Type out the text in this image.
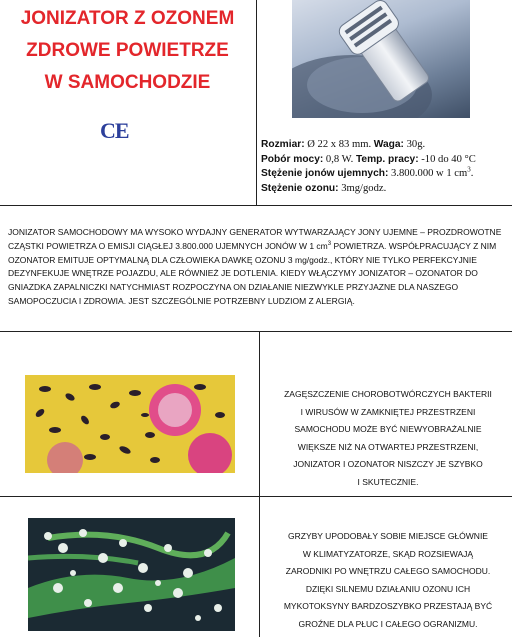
JONIZATOR Z OZONEM
ZDROWE POWIETRZE
W SAMOCHODZIE
CE
Rozmiar: Ø 22 x 83 mm. Waga: 30g.
Pobór mocy: 0,8 W. Temp. pracy: -10 do 40 °C
Stężenie jonów ujemnych: 3.800.000 w 1 $cm^3$.
Stężenie ozonu: 3mg/godz.
JONIZATOR SAMOCHODOWY MA WYSOKO WYDAJNY GENERATOR WYTWARZAJĄCY JONY UJEMNE – PROZDROWOTNE CZĄSTKI POWIETRZA O EMISJI CIĄGŁEJ 3.800.000 UJEMNYCH JONÓW W 1 $cm^3$ POWIETRZA. WSPÓŁPRACUJĄCY Z NIM OZONATOR EMITUJE OPTYMALNĄ DLA CZŁOWIEKA DAWKĘ OZONU 3 mg/godz., KTÓRY NIE TYLKO PERFEKCYJNIE DEZYNFEKUJE WNĘTRZE POJAZDU, ALE RÓWNIEŻ JE DOTLENIA. KIEDY WŁĄCZYMY JONIZATOR – OZONATOR DO GNIAZDKA ZAPALNICZKI NATYCHMIAST ROZPOCZYNA ON DZIAŁANIE NIEZWYKLE PRZYJAZNE DLA NASZEGO SAMOPOCZUCIA I ZDROWIA. JEST SZCZEGÓLNIE POTRZEBNY LUDZIOM Z ALERGIĄ.
ZAGĘSZCZENIE CHOROBOTWÓRCZYCH BAKTERII
I WIRUSÓW W ZAMKNIĘTEJ PRZESTRZENI
SAMOCHODU MOŻE BYĆ NIEWYOBRAŻALNIE
WIĘKSZE NIŻ NA OTWARTEJ PRZESTRZENI,
JONIZATOR I OZONATOR NISZCZY JE SZYBKO
I SKUTECZNIE.
GRZYBY UPODOBAŁY SOBIE MIEJSCE GŁÓWNIE
W KLIMATYZATORZE, SKĄD ROZSIEWAJĄ
ZARODNIKI PO WNĘTRZU CAŁEGO SAMOCHODU.
DZIĘKI SILNEMU DZIAŁANIU OZONU ICH
MYKOTOKSYNY BARDZOSZYBKO PRZESTAJĄ BYĆ
GROŹNE DLA PŁUC I CAŁEGO OGRANIZMU.
